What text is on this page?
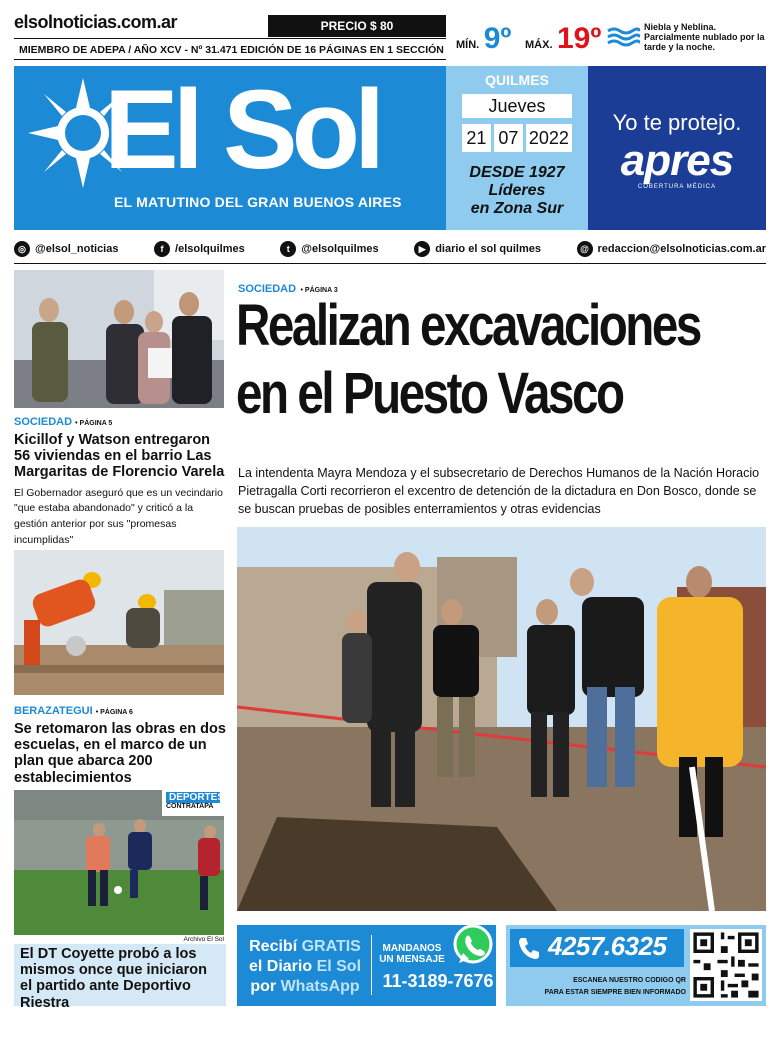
elsolnoticias.com.ar	PRECIO $ 80
MIEMBRO DE ADEPA / AÑO XCV - Nº 31.471 EDICIÓN DE 16 PÁGINAS EN 1 SECCIÓN MÍN. 9º MÁX. 19º	Niebla y Neblina. Parcialmente nublado por la tarde y la noche.
El Sol
EL MATUTINO DEL GRAN BUENOS AIRES
QUILMES
Jueves
21 07 2022
DESDE 1927
Líderes
en Zona Sur
Yo te protejo.
apres
COBERTURA MÉDICA
◎ @elsol_noticias	f	/elsolquilmes	t	@elsolquilmes	▶ diario el sol quilmes	@ redaccion@elsolnoticias.com.ar
SOCIEDAD • PÁGINA 5
Kicillof y Watson entregaron 56 viviendas en el barrio Las Margaritas de Florencio Varela
El Gobernador aseguró que es un vecindario "que estaba abandonado" y criticó a la gestión anterior por sus "promesas incumplidas"
BERAZATEGUI • PÁGINA 6
Se retomaron las obras en dos escuelas, en el marco de un plan que abarca 200 establecimientos
DEPORTES
CONTRATAPA
Archivo El Sol
El DT Coyette probó a los mismos once que iniciaron el partido ante Deportivo Riestra
SOCIEDAD • PÁGINA 3
Realizan excavaciones
en el Puesto Vasco
La intendenta Mayra Mendoza y el subsecretario de Derechos Humanos de la Nación Horacio Pietragalla Corti recorrieron el excentro de detención de la dictadura en Don Bosco, donde se se buscan pruebas de posibles enterramientos y otras evidencias
Recibí GRATIS
el Diario El Sol
por WhatsApp
MANDANOS
UN MENSAJE
11-3189-7676
4257.6325
ESCANEA NUESTRO CODIGO QR
PARA ESTAR SIEMPRE BIEN INFORMADO
